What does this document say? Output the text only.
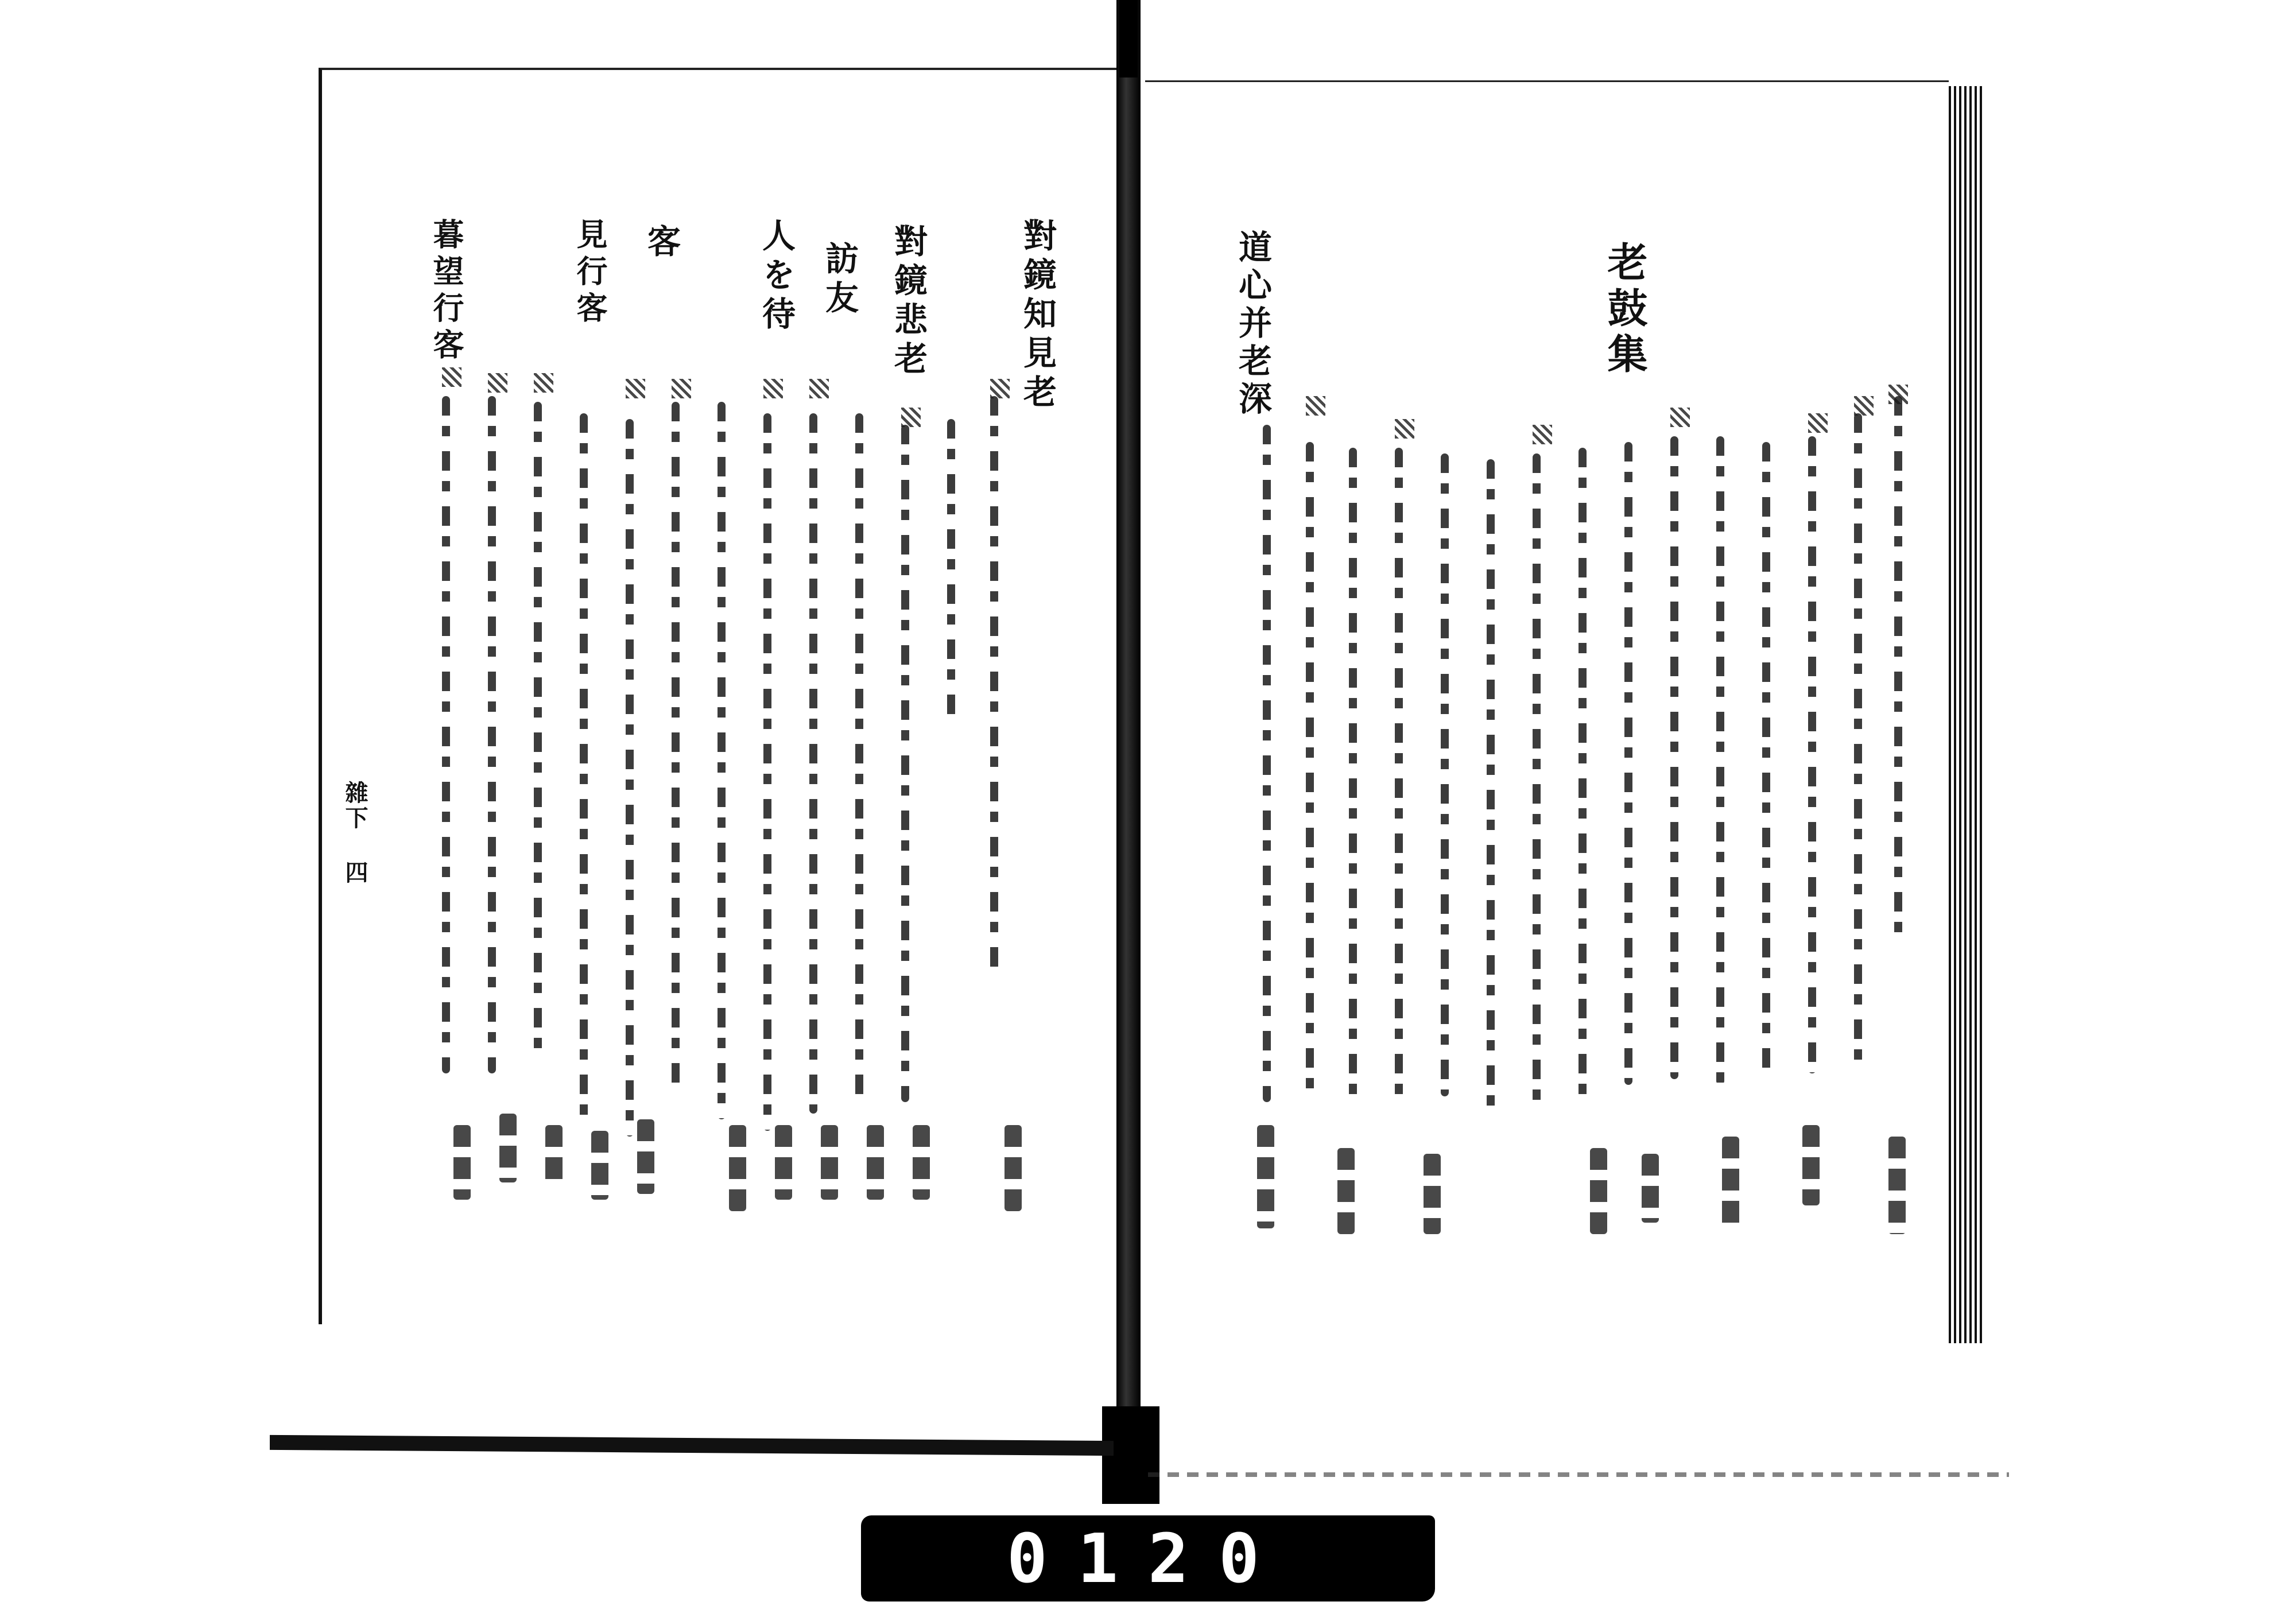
老鼓集
道心并老深
對鏡知見老
對鏡悲老
訪友
人を待
客
見行客
暮望行客
雜下 四
0120
